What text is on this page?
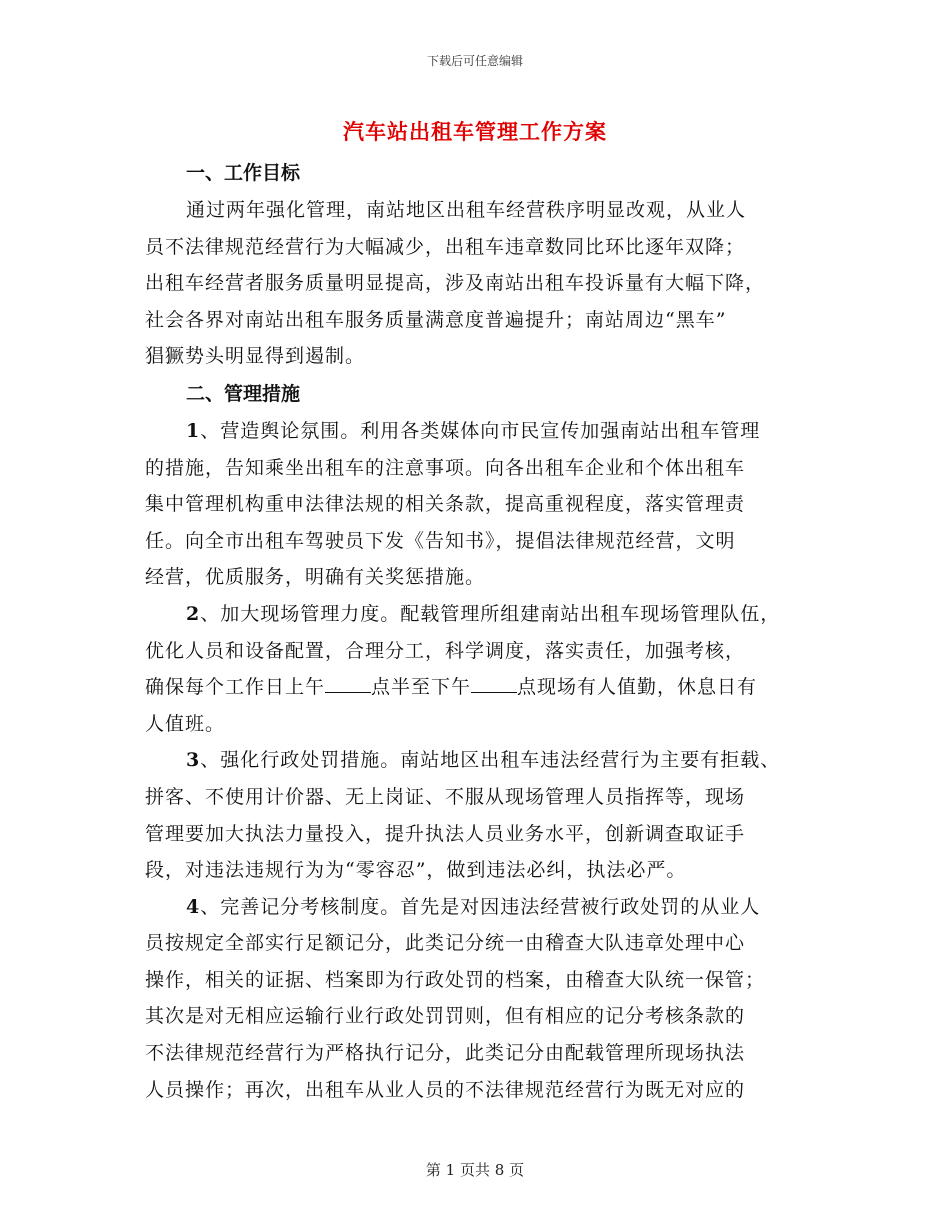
下载后可任意编辑
汽车站出租车管理工作方案
一、工作目标
通过两年强化管理，南站地区出租车经营秩序明显改观，从业人
员不法律规范经营行为大幅减少，出租车违章数同比环比逐年双降；
出租车经营者服务质量明显提高，涉及南站出租车投诉量有大幅下降，
社会各界对南站出租车服务质量满意度普遍提升；南站周边“黑车”
猖獗势头明显得到遏制。
二、管理措施
1、营造舆论氛围。利用各类媒体向市民宣传加强南站出租车管理
的措施，告知乘坐出租车的注意事项。向各出租车企业和个体出租车
集中管理机构重申法律法规的相关条款，提高重视程度，落实管理责
任。向全市出租车驾驶员下发《告知书》，提倡法律规范经营，文明
经营，优质服务，明确有关奖惩措施。
2、加大现场管理力度。配载管理所组建南站出租车现场管理队伍，
优化人员和设备配置，合理分工，科学调度，落实责任，加强考核，
确保每个工作日上午 点半至下午 点现场有人值勤，休息日有
人值班。
3、强化行政处罚措施。南站地区出租车违法经营行为主要有拒载、
拼客、不使用计价器、无上岗证、不服从现场管理人员指挥等，现场
管理要加大执法力量投入，提升执法人员业务水平，创新调查取证手
段，对违法违规行为为“零容忍”，做到违法必纠，执法必严。
4、完善记分考核制度。首先是对因违法经营被行政处罚的从业人
员按规定全部实行足额记分，此类记分统一由稽查大队违章处理中心
操作，相关的证据、档案即为行政处罚的档案，由稽查大队统一保管；
其次是对无相应运输行业行政处罚罚则，但有相应的记分考核条款的
不法律规范经营行为严格执行记分，此类记分由配载管理所现场执法
人员操作；再次，出租车从业人员的不法律规范经营行为既无对应的
第 1 页共 8 页
